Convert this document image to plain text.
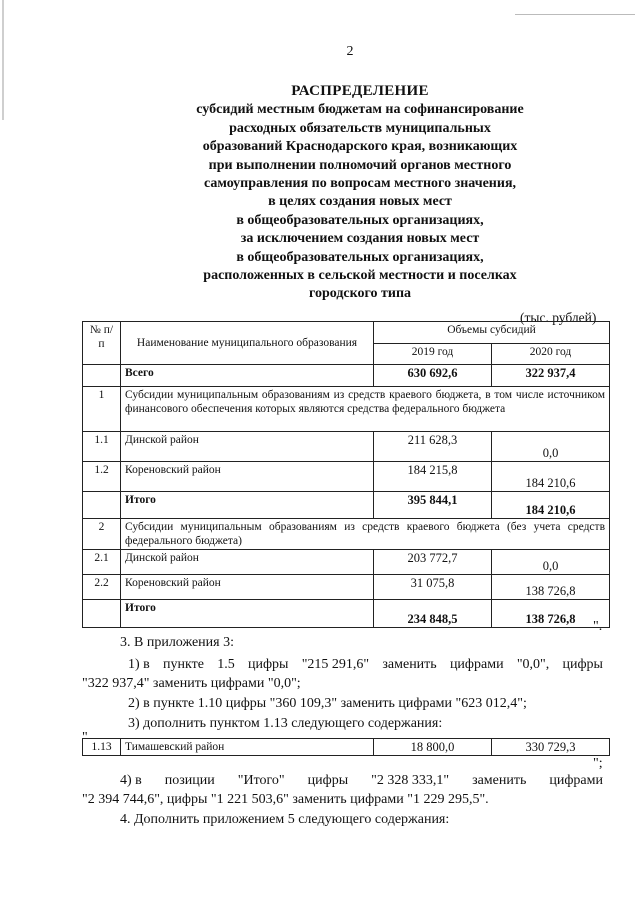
2
РАСПРЕДЕЛЕНИЕ
субсидий местным бюджетам на софинансирование
расходных обязательств муниципальных
образований Краснодарского края, возникающих
при выполнении полномочий органов местного
самоуправления по вопросам местного значения,
в целях создания новых мест
в общеобразовательных организациях,
за исключением создания новых мест
в общеобразовательных организациях,
расположенных в сельской местности и поселках
городского типа
(тыс. рублей)
№ п/п	Наименование муниципального образования	Объемы субсидий	
		2019 год	2020 год
	Всего	630 692,6	322 937,4
1	Субсидии муниципальным образованиям из средств краевого бюджета, в том числе источником финансового обеспечения которых являются средства федерального бюджета		
1.1	Динской район	211 628,3	0,0
1.2	Кореновский район	184 215,8	184 210,6
	Итого	395 844,1	184 210,6
2	Субсидии муниципальным образованиям из средств краевого бюджета (без учета средств федерального бюджета)		
2.1	Динской район	203 772,7	0,0
2.2	Кореновский район	31 075,8	138 726,8
	Итого	234 848,5	138 726,8 ".
3. В приложения 3:
1) в пункте 1.5 цифры "215 291,6" заменить цифрами "0,0", цифры
"322 937,4" заменить цифрами "0,0";
2) в пункте 1.10 цифры "360 109,3" заменить цифрами "623 012,4";
3) дополнить пунктом 1.13 следующего содержания:
"
1.13	Тимашевский район	18 800,0	330 729,3
";
4) в позиции "Итого" цифры "2 328 333,1" заменить цифрами
"2 394 744,6", цифры "1 221 503,6" заменить цифрами "1 229 295,5".
4. Дополнить приложением 5 следующего содержания:
